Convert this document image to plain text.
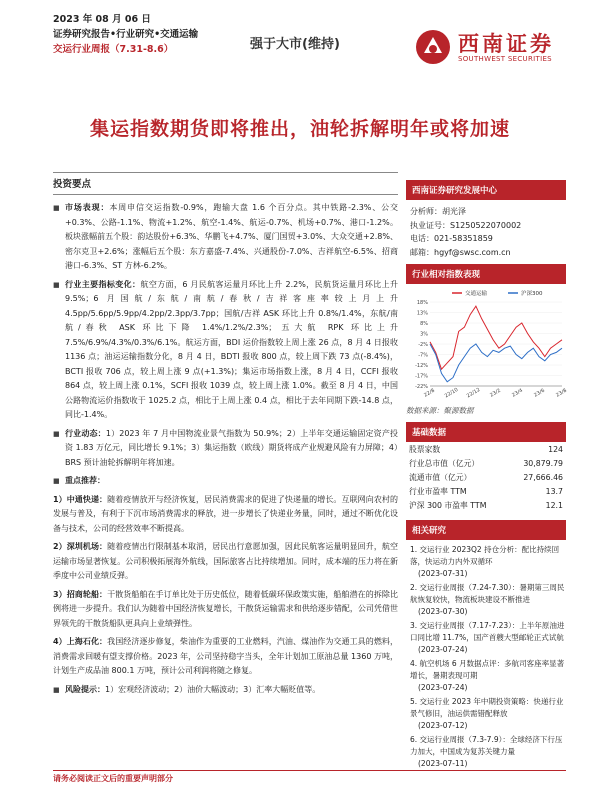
2023 年 08 月 06 日
证券研究报告•行业研究•交通运输
交运行业周报（7.31-8.6）	强于大市(维持)	西南证券
SOUTHWEST SECURITIES
集运指数期货即将推出，油轮拆解明年或将加速
投资要点
■ 市场表现：本周申信交运指数-0.9%，跑输大盘 1.6 个百分点。其中铁路-2.3%、公交+0.3%、公路-1.1%、物流+1.2%、航空-1.4%、航运-0.7%、机场+0.7%、港口-1.2%。板块涨幅前五个股：韵达股份+6.3%、华鹏飞+4.7%、厦门国贸+3.0%、大众交通+2.8%、密尔克卫+2.6%；涨幅后五个股：东方嘉盛-7.4%、兴通股份-7.0%、吉祥航空-6.5%、招商港口-6.3%、ST 方林-6.2%。
■ 行业主要指标变化：航空方面，6 月民航客运量月环比上升 2.2%，民航货运量月环比上升 9.5%；6 月国航/东航/南航/春秋/吉祥客座率较上月上升 4.5pp/5.6pp/5.9pp/4.2pp/2.3pp/3.7pp；国航/吉祥 ASK 环比上升 0.8%/1.4%，东航/南航/春秋 ASK 环比下降 1.4%/1.2%/2.3%；五大航 RPK 环比上升 7.5%/6.9%/4.3%/0.3%/6.1%。航运方面，BDI 运价指数较上周上涨 26 点，8 月 4 日报收 1136 点；油运运输指数分化，8 月 4 日，BDTI 报收 800 点，较上周下跌 73 点(-8.4%)，BCTI 报收 706 点，较上周上涨 9 点(+1.3%)；集运市场指数上涨，8 月 4 日，CCFI 报收 864 点，较上周上涨 0.1%，SCFI 报收 1039 点，较上周上涨 1.0%。截至 8 月 4 日，中国公路物流运价指数收于 1025.2 点，相比于上周上涨 0.4 点，相比于去年同期下跌-14.8 点，同比-1.4%。
■ 行业动态：1）2023 年 7 月中国物流业景气指数为 50.9%；2）上半年交通运输固定资产投资 1.83 万亿元，同比增长 9.1%；3）集运指数（欧线）期货将成产业规避风险有力屏障；4）BRS 预计油轮拆解明年将加速。
■ 重点推荐：
1）中通快递：随着疫情放开与经济恢复，居民消费需求的促进了快递量的增长。互联网向农村的发展与普及，有利于下沉市场消费需求的释放，进一步增长了快递业务量，同时，通过不断优化设备与技术，公司的经营效率不断提高。
2）深圳机场：随着疫情出行限制基本取消，居民出行意愿加强，因此民航客运量明显回升，航空运输市场显著恢复。公司积极拓展海外航线，国际旅客占比持续增加。同时，成本端的压力将在新季度中公司业绩反弹。
3）招商轮船：干散货船舶在手订单比处于历史低位，随着低碳环保政策实施，船舶潜在的拆除比例将进一步提升。我们认为随着中国经济恢复增长，干散货运输需求和供给逐步错配，公司凭借世界领先的干散货船队更具向上业绩弹性。
4）上海石化：我国经济逐步修复，柴油作为重要的工业燃料，汽油、煤油作为交通工具的燃料，消费需求回暖有望支撑价格。2023 年，公司坚持稳字当头，全年计划加工原油总量 1360 万吨，计划生产成品油 800.1 万吨，预计公司利润将随之修复。
■ 风险提示：1）宏观经济波动；2）油价大幅波动；3）汇率大幅贬值等。
西南证券研究发展中心
分析师：胡光泽
执业证号：S1250522070002
电话：021-58351859
邮箱：hgyf@swsc.com.cn
行业相对指数表现
18%
13%
8%
3%
-2%
-7%
-12%
-17%
-22%
22/8 22/10 22/12 23/2 23/4 23/6 23/8
交通运输	沪深300
数据来源：聚源数据
基础数据
股票家数	124
行业总市值（亿元）	30,879.79
流通市值（亿元）	27,666.46
行业市盈率 TTM	13.7
沪深 300 市盈率 TTM	12.1
相关研究
1. 交运行业 2023Q2 持仓分析：配比持续回落，快运动力内外双循环
(2023-07-31)
2. 交运行业周报（7.24-7.30）：暑期第三周民航恢复较快，物流板块建设不断推进
(2023-07-30)
3. 交运行业周报（7.17-7.23）：上半年原油进口同比增 11.7%，国产首艘大型邮轮正式试航
(2023-07-24)
4. 航空机场 6 月数据点评：多航司客座率显著增长，暑期表现可期
(2023-07-24)
5. 交运行业 2023 年中期投资策略：快递行业景气修旧，油运供需错配释放
(2023-07-12)
6. 交运行业周报（7.3-7.9）：全球经济下行压力加大，中国成为复苏关键力量
(2023-07-11)
请务必阅读正文后的重要声明部分
